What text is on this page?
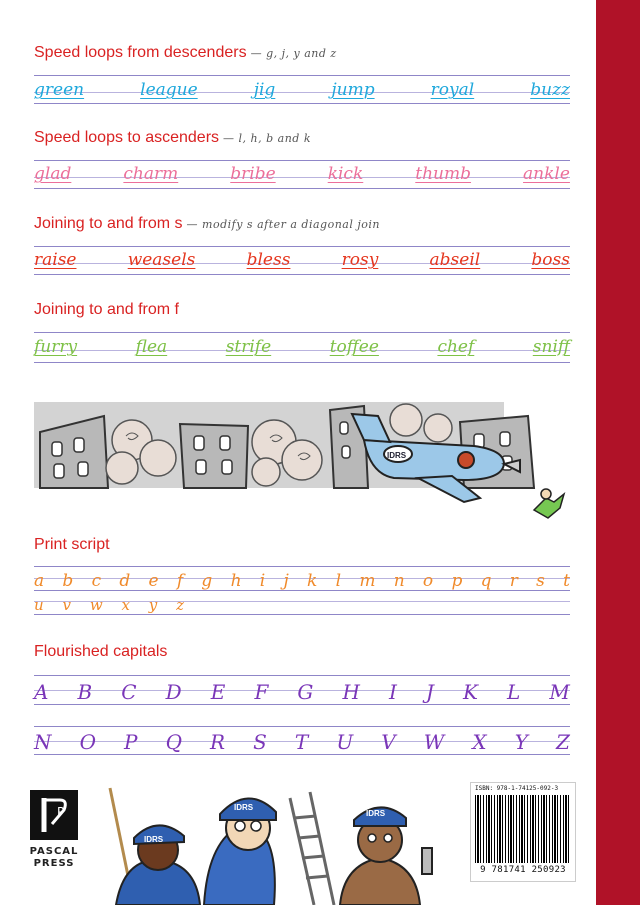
Speed loops from descenders — g, j, y and z
green	league	jig	jump	royal	buzz
Speed loops to ascenders — l, h, b and k
glad	charm	bribe	kick	thumb	ankle
Joining to and from s — modify s after a diagonal join
raise	weasels	bless	rosy	abseil	boss
Joining to and from f
furry	flea	strife	toffee	chef	sniff
IDRS
Print script
a b c d e f g h i j k l m n o p q r s t
u v w x y z
Flourished capitals
A B C D E F G H I J K L M
N O P Q R S T U V W X Y Z
P
PASCAL
PRESS
IDRS
IDRS
IDRS
ISBN: 978-1-74125-092-3
9 781741 250923
